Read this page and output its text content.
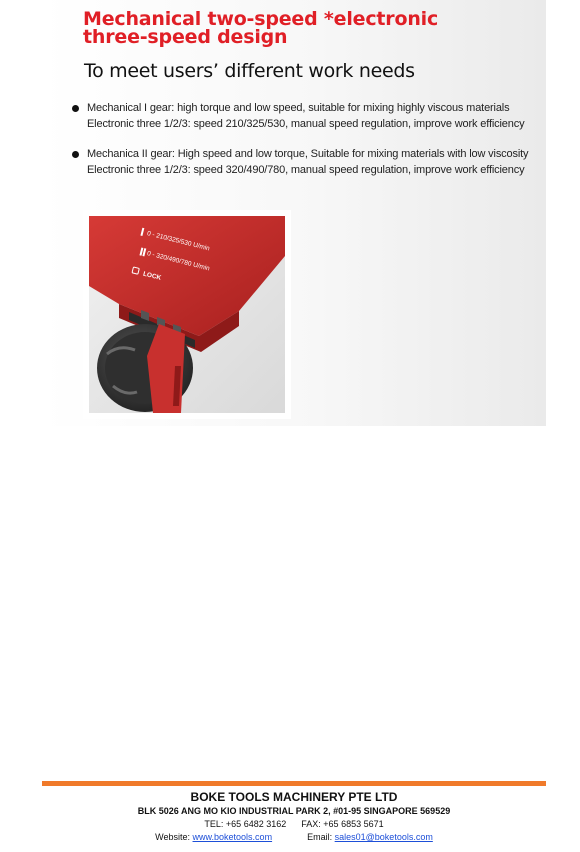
Mechanical two-speed *electronic
three-speed design
To meet users’ different work needs
Mechanical I gear: high torque and low speed, suitable for mixing highly viscous materials
Electronic three 1/2/3: speed 210/325/530, manual speed regulation, improve work efficiency
Mechanica II gear: High speed and low torque, Suitable for mixing materials with low viscosity
Electronic three 1/2/3: speed 320/490/780, manual speed regulation, improve work efficiency
0 - 210/325/530 U/min
0 - 320/490/780 U/min
LOCK
BOKE TOOLS MACHINERY PTE LTD
BLK 5026 ANG MO KIO INDUSTRIAL PARK 2, #01-95 SINGAPORE 569529
TEL: +65 6482 3162 FAX: +65 6853 5671
Website: www.boketools.com	Email: sales01@boketools.com
